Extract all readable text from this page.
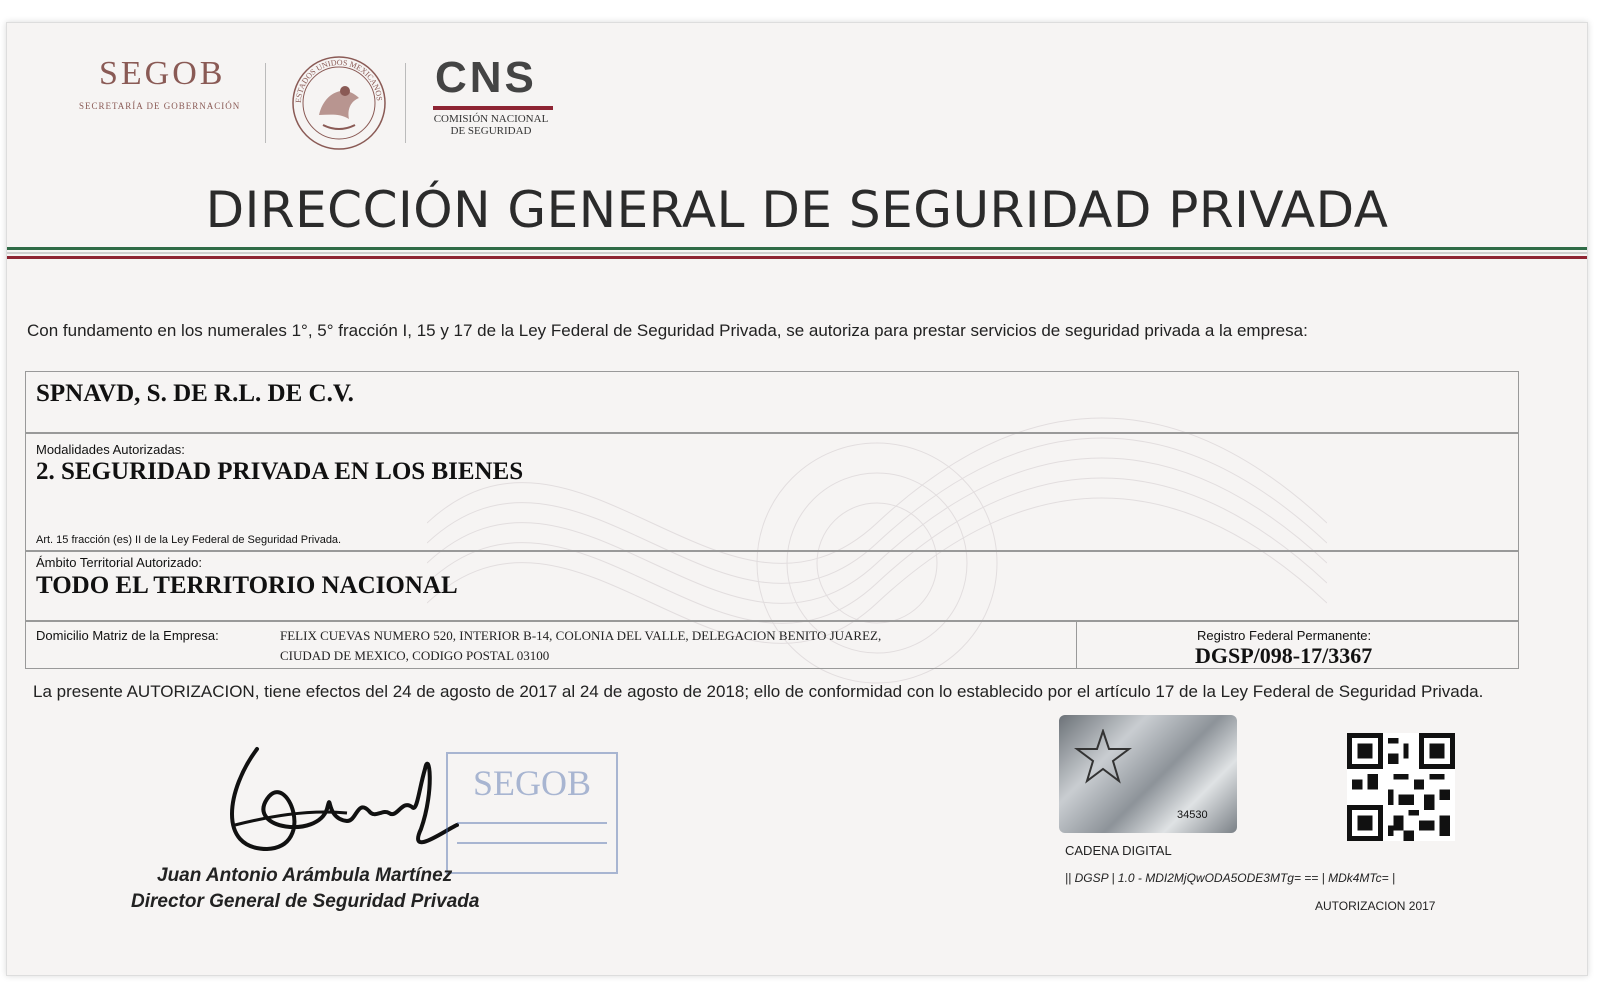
SEGOB
SECRETARÍA DE GOBERNACIÓN
ESTADOS UNIDOS MEXICANOS CNS
COMISIÓN NACIONAL DE SEGURIDAD
DIRECCIÓN GENERAL DE SEGURIDAD PRIVADA
Con fundamento en los numerales 1°, 5° fracción I, 15 y 17 de la Ley Federal de Seguridad Privada, se autoriza para prestar servicios de seguridad privada a la empresa:
SPNAVD, S. DE R.L. DE C.V.
Modalidades Autorizadas:
2. SEGURIDAD PRIVADA EN LOS BIENES
Art. 15 fracción (es) II de la Ley Federal de Seguridad Privada.
Ámbito Territorial Autorizado:
TODO EL TERRITORIO NACIONAL
Domicilio Matriz de la Empresa:	FELIX CUEVAS NUMERO 520, INTERIOR B-14, COLONIA DEL VALLE, DELEGACION BENITO JUAREZ,
CIUDAD DE MEXICO, CODIGO POSTAL 03100
Registro Federal Permanente:
DGSP/098-17/3367
La presente AUTORIZACION, tiene efectos del 24 de agosto de 2017 al 24 de agosto de 2018; ello de conformidad con lo establecido por el artículo 17 de la Ley Federal de Seguridad Privada.
SEGOB
Juan Antonio Arámbula Martínez
Director General de Seguridad Privada
34530
CADENA DIGITAL
|| DGSP | 1.0 - MDI2MjQwODA5ODE3MTg= == | MDk4MTc= |
AUTORIZACION 2017
